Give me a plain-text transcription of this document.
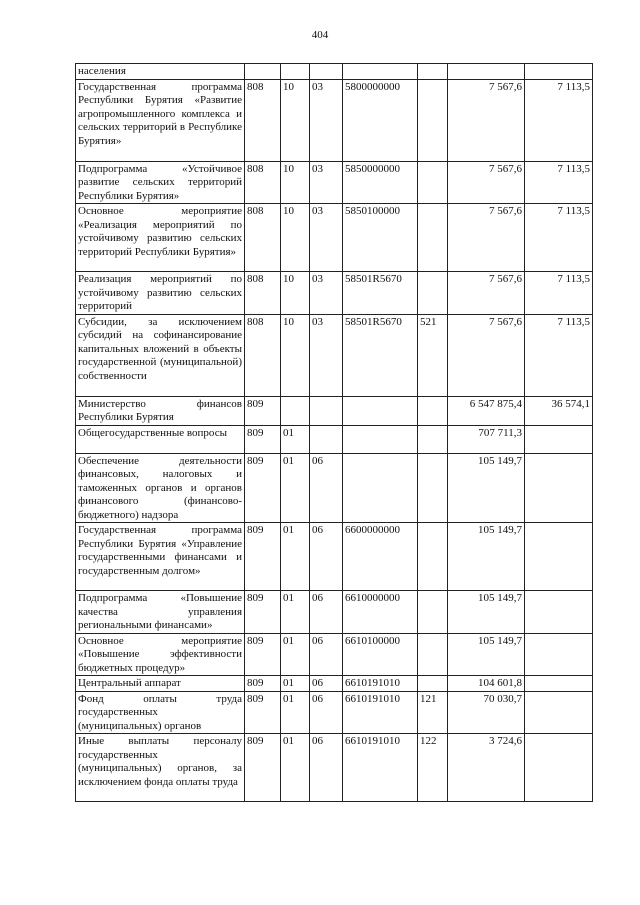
404
населения							
Государственная программа Республики Бурятия «Развитие агропромышленного комплекса и сельских территорий в Республике Бурятия»	808	10	03	5800000000		7 567,6	7 113,5
Подпрограмма «Устойчивое развитие сельских территорий Республики Бурятия»	808	10	03	5850000000		7 567,6	7 113,5
Основное мероприятие «Реализация мероприятий по устойчивому развитию сельских территорий Республики Бурятия»	808	10	03	5850100000		7 567,6	7 113,5
Реализация мероприятий по устойчивому развитию сельских территорий	808	10	03	58501R5670		7 567,6	7 113,5
Субсидии, за исключением субсидий на софинансирование капитальных вложений в объекты государственной (муниципальной) собственности	808	10	03	58501R5670	521	7 567,6	7 113,5
Министерство финансов Республики Бурятия	809					6 547 875,4	36 574,1
Общегосударственные вопросы	809	01				707 711,3	
Обеспечение деятельности финансовых, налоговых и таможенных органов и органов финансового (финансово-бюджетного) надзора	809	01	06			105 149,7	
Государственная программа Республики Бурятия «Управление государственными финансами и государственным долгом»	809	01	06	6600000000		105 149,7	
Подпрограмма «Повышение качества управления региональными финансами»	809	01	06	6610000000		105 149,7	
Основное мероприятие «Повышение эффективности бюджетных процедур»	809	01	06	6610100000		105 149,7	
Центральный аппарат	809	01	06	6610191010		104 601,8	
Фонд оплаты труда государственных (муниципальных) органов	809	01	06	6610191010	121	70 030,7	
Иные выплаты персоналу государственных (муниципальных) органов, за исключением фонда оплаты труда	809	01	06	6610191010	122	3 724,6	
